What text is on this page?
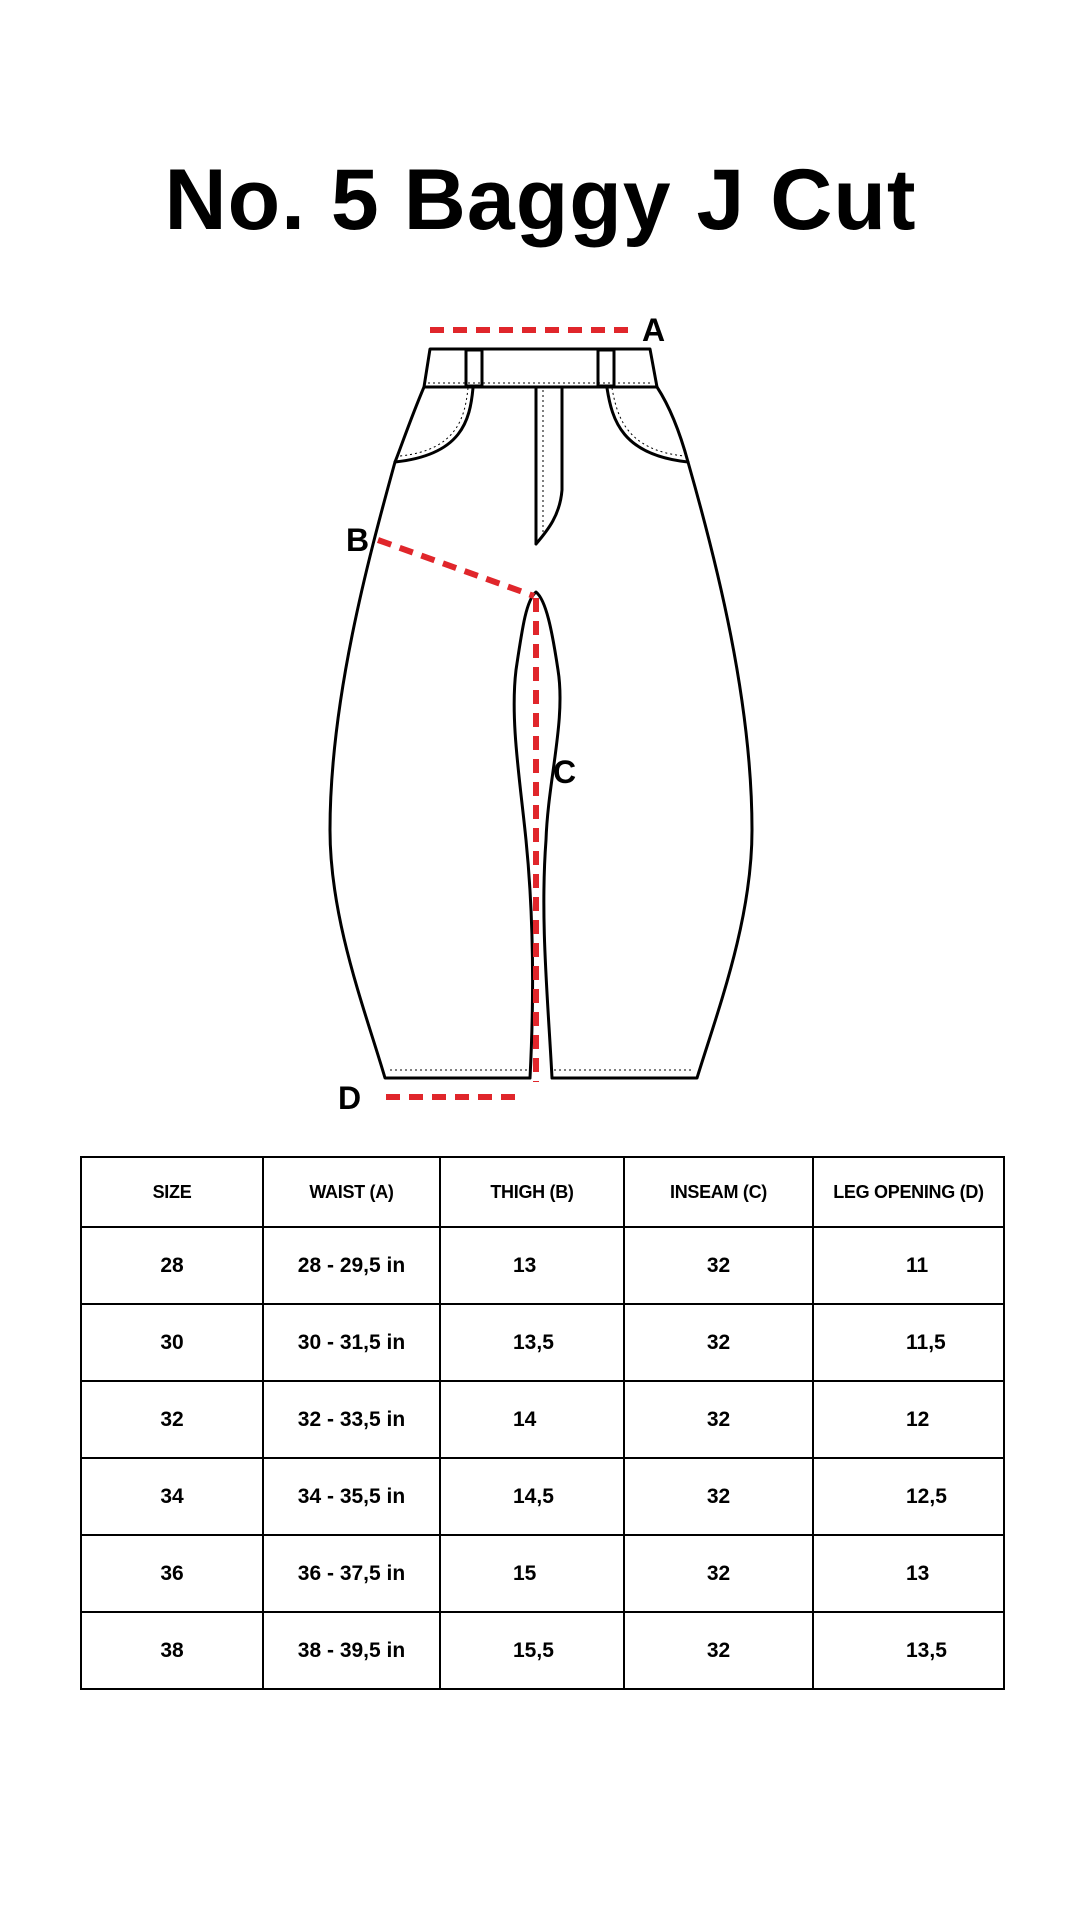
No. 5 Baggy J Cut
A
B
C
D
SIZE	WAIST (A)	THIGH (B)	INSEAM (C)	LEG OPENING (D)
28	28 - 29,5 in	13	32	11
30	30 - 31,5 in	13,5	32	11,5
32	32 - 33,5 in	14	32	12
34	34 - 35,5 in	14,5	32	12,5
36	36 - 37,5 in	15	32	13
38	38 - 39,5 in	15,5	32	13,5
